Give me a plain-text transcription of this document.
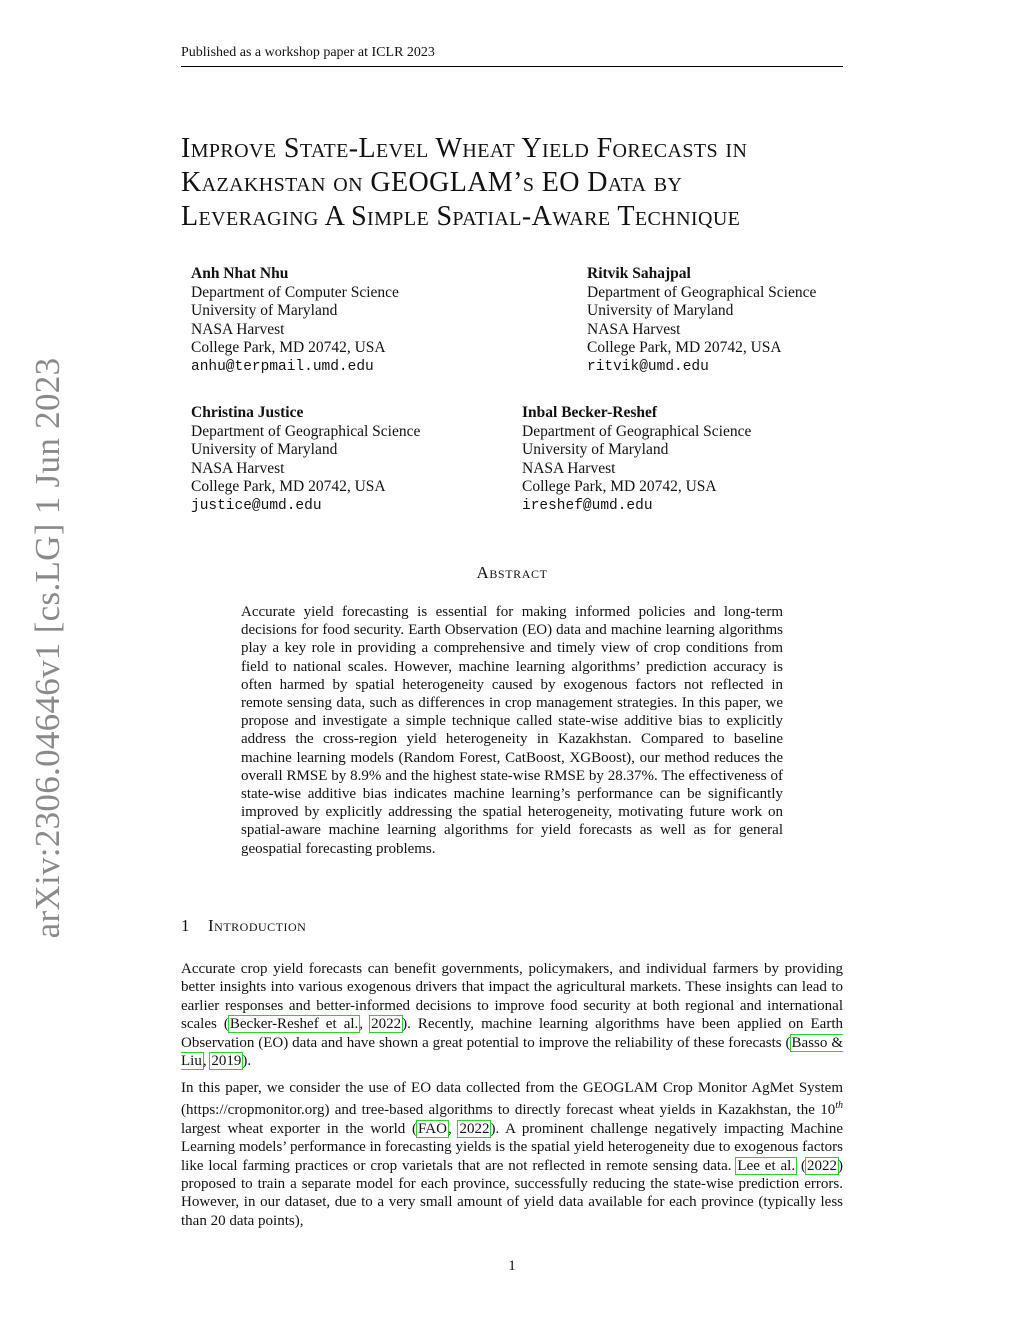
Published as a workshop paper at ICLR 2023
arXiv:2306.04646v1 [cs.LG] 1 Jun 2023
Improve State-Level Wheat Yield Forecasts in
Kazakhstan on GEOGLAM’s EO Data by
Leveraging A Simple Spatial-Aware Technique
Anh Nhat Nhu
Department of Computer Science
University of Maryland
NASA Harvest
College Park, MD 20742, USA
anhu@terpmail.umd.edu
Ritvik Sahajpal
Department of Geographical Science
University of Maryland
NASA Harvest
College Park, MD 20742, USA
ritvik@umd.edu
Christina Justice
Department of Geographical Science
University of Maryland
NASA Harvest
College Park, MD 20742, USA
justice@umd.edu
Inbal Becker-Reshef
Department of Geographical Science
University of Maryland
NASA Harvest
College Park, MD 20742, USA
ireshef@umd.edu
Abstract
Accurate yield forecasting is essential for making informed policies and long-term decisions for food security. Earth Observation (EO) data and machine learning algorithms play a key role in providing a comprehensive and timely view of crop conditions from field to national scales. However, machine learning algorithms’ prediction accuracy is often harmed by spatial heterogeneity caused by exogenous factors not reflected in remote sensing data, such as differences in crop management strategies. In this paper, we propose and investigate a simple technique called state-wise additive bias to explicitly address the cross-region yield heterogeneity in Kazakhstan. Compared to baseline machine learning models (Random Forest, CatBoost, XGBoost), our method reduces the overall RMSE by 8.9% and the highest state-wise RMSE by 28.37%. The effectiveness of state-wise additive bias indicates machine learning’s performance can be significantly improved by explicitly addressing the spatial heterogeneity, motivating future work on spatial-aware machine learning algorithms for yield forecasts as well as for general geospatial forecasting problems.
1 Introduction
Accurate crop yield forecasts can benefit governments, policymakers, and individual farmers by providing better insights into various exogenous drivers that impact the agricultural markets. These insights can lead to earlier responses and better-informed decisions to improve food security at both regional and international scales (Becker-Reshef et al., 2022). Recently, machine learning algorithms have been applied on Earth Observation (EO) data and have shown a great potential to improve the reliability of these forecasts (Basso & Liu, 2019).
In this paper, we consider the use of EO data collected from the GEOGLAM Crop Monitor AgMet System (https://cropmonitor.org) and tree-based algorithms to directly forecast wheat yields in Kazakhstan, the 10th largest wheat exporter in the world (FAO, 2022). A prominent challenge negatively impacting Machine Learning models’ performance in forecasting yields is the spatial yield heterogeneity due to exogenous factors like local farming practices or crop varietals that are not reflected in remote sensing data. Lee et al. (2022) proposed to train a separate model for each province, successfully reducing the state-wise prediction errors. However, in our dataset, due to a very small amount of yield data available for each province (typically less than 20 data points),
1
